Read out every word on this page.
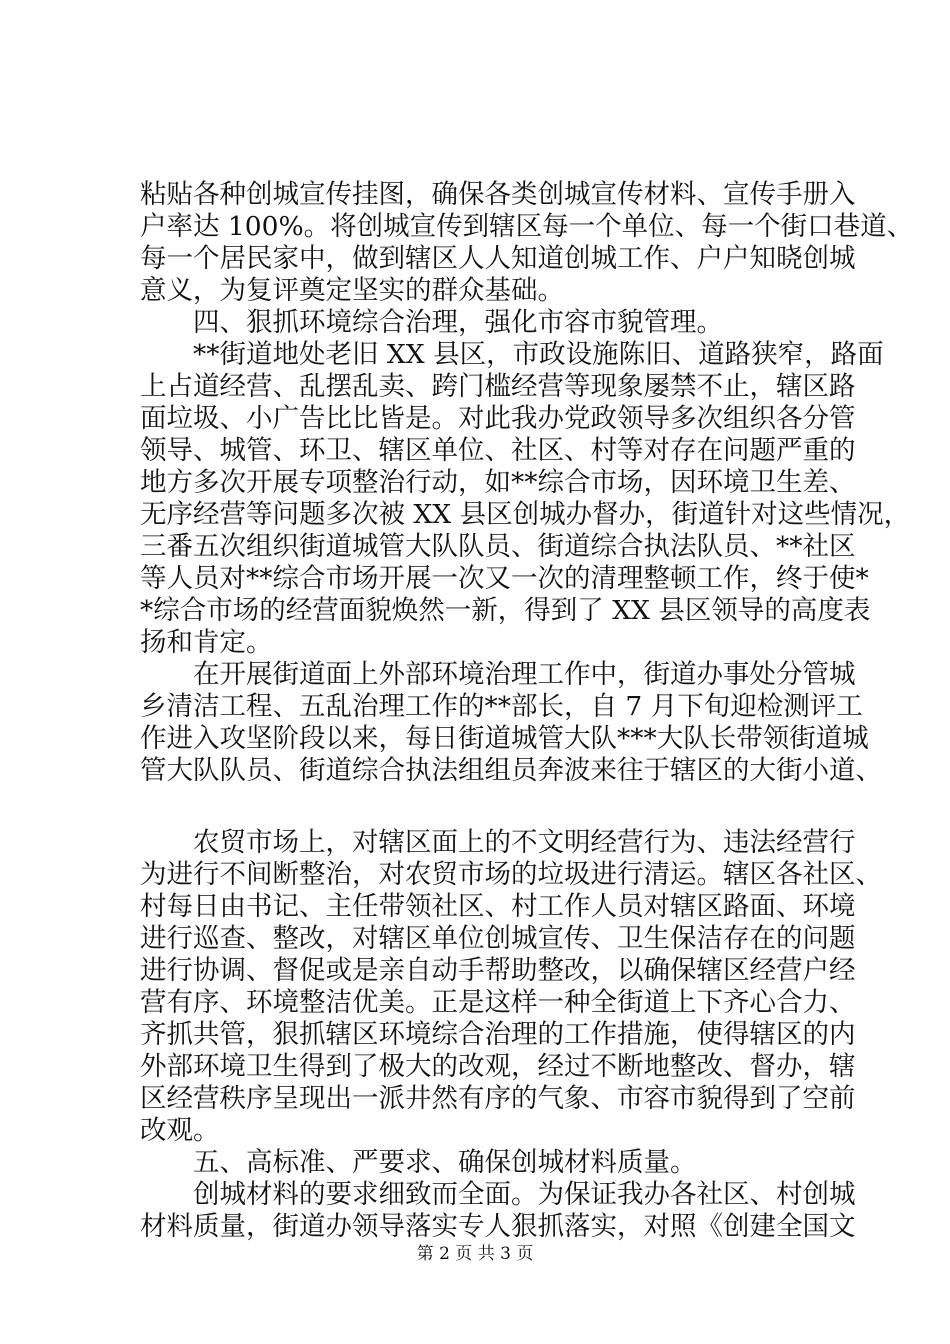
粘贴各种创城宣传挂图，确保各类创城宣传材料、宣传手册入
户率达 100%。将创城宣传到辖区每一个单位、每一个街口巷道、
每一个居民家中，做到辖区人人知道创城工作、户户知晓创城
意义，为复评奠定坚实的群众基础。
　　四、狠抓环境综合治理，强化市容市貌管理。
　　**街道地处老旧 XX 县区，市政设施陈旧、道路狭窄，路面
上占道经营、乱摆乱卖、跨门槛经营等现象屡禁不止，辖区路
面垃圾、小广告比比皆是。对此我办党政领导多次组织各分管
领导、城管、环卫、辖区单位、社区、村等对存在问题严重的
地方多次开展专项整治行动，如**综合市场，因环境卫生差、
无序经营等问题多次被 XX 县区创城办督办，街道针对这些情况，
三番五次组织街道城管大队队员、街道综合执法队员、**社区
等人员对**综合市场开展一次又一次的清理整顿工作，终于使*
*综合市场的经营面貌焕然一新，得到了 XX 县区领导的高度表
扬和肯定。
　　在开展街道面上外部环境治理工作中，街道办事处分管城
乡清洁工程、五乱治理工作的**部长，自 7 月下旬迎检测评工
作进入攻坚阶段以来，每日街道城管大队***大队长带领街道城
管大队队员、街道综合执法组组员奔波来往于辖区的大街小道、
　　农贸市场上，对辖区面上的不文明经营行为、违法经营行
为进行不间断整治，对农贸市场的垃圾进行清运。辖区各社区、
村每日由书记、主任带领社区、村工作人员对辖区路面、环境
进行巡查、整改，对辖区单位创城宣传、卫生保洁存在的问题
进行协调、督促或是亲自动手帮助整改，以确保辖区经营户经
营有序、环境整洁优美。正是这样一种全街道上下齐心合力、
齐抓共管，狠抓辖区环境综合治理的工作措施，使得辖区的内
外部环境卫生得到了极大的改观，经过不断地整改、督办，辖
区经营秩序呈现出一派井然有序的气象、市容市貌得到了空前
改观。
　　五、高标准、严要求、确保创城材料质量。
　　创城材料的要求细致而全面。为保证我办各社区、村创城
材料质量，街道办领导落实专人狠抓落实，对照《创建全国文
第 2 页 共 3 页
